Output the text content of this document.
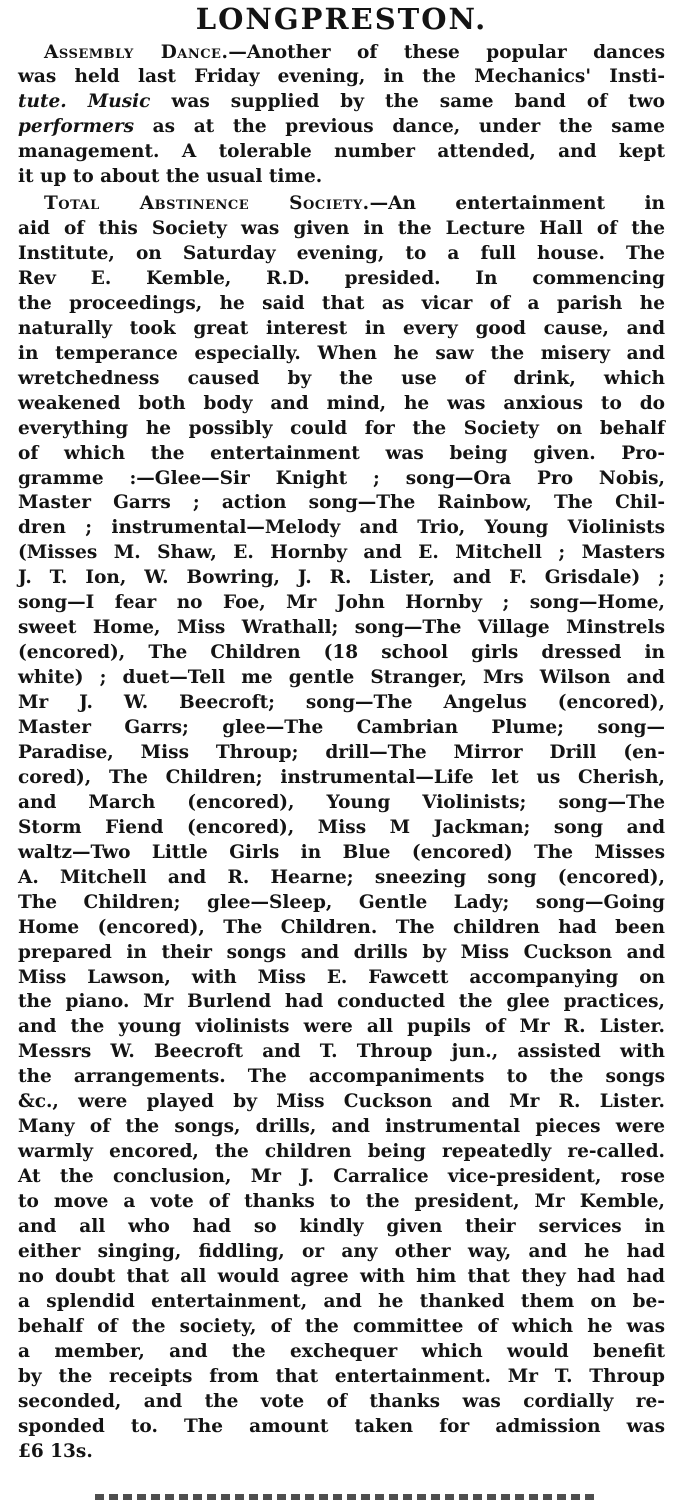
LONGPRESTON.
Assembly Dance.—Another of these popular dances
was held last Friday evening, in the Mechanics' Insti-
tute. Music was supplied by the same band of two
performers as at the previous dance, under the same
management. A tolerable number attended, and kept
it up to about the usual time.
Total Abstinence Society.—An entertainment in
aid of this Society was given in the Lecture Hall of the
Institute, on Saturday evening, to a full house. The
Rev E. Kemble, R.D. presided. In commencing
the proceedings, he said that as vicar of a parish he
naturally took great interest in every good cause, and
in temperance especially. When he saw the misery and
wretchedness caused by the use of drink, which
weakened both body and mind, he was anxious to do
everything he possibly could for the Society on behalf
of which the entertainment was being given. Pro-
gramme :—Glee—Sir Knight ; song—Ora Pro Nobis,
Master Garrs ; action song—The Rainbow, The Chil-
dren ; instrumental—Melody and Trio, Young Violinists
(Misses M. Shaw, E. Hornby and E. Mitchell ; Masters
J. T. Ion, W. Bowring, J. R. Lister, and F. Grisdale) ;
song—I fear no Foe, Mr John Hornby ; song—Home,
sweet Home, Miss Wrathall; song—The Village Minstrels
(encored), The Children (18 school girls dressed in
white) ; duet—Tell me gentle Stranger, Mrs Wilson and
Mr J. W. Beecroft; song—The Angelus (encored),
Master Garrs; glee—The Cambrian Plume; song—
Paradise, Miss Throup; drill—The Mirror Drill (en-
cored), The Children; instrumental—Life let us Cherish,
and March (encored), Young Violinists; song—The
Storm Fiend (encored), Miss M Jackman; song and
waltz—Two Little Girls in Blue (encored) The Misses
A. Mitchell and R. Hearne; sneezing song (encored),
The Children; glee—Sleep, Gentle Lady; song—Going
Home (encored), The Children. The children had been
prepared in their songs and drills by Miss Cuckson and
Miss Lawson, with Miss E. Fawcett accompanying on
the piano. Mr Burlend had conducted the glee practices,
and the young violinists were all pupils of Mr R. Lister.
Messrs W. Beecroft and T. Throup jun., assisted with
the arrangements. The accompaniments to the songs
&c., were played by Miss Cuckson and Mr R. Lister.
Many of the songs, drills, and instrumental pieces were
warmly encored, the children being repeatedly re-called.
At the conclusion, Mr J. Carralice vice-president, rose
to move a vote of thanks to the president, Mr Kemble,
and all who had so kindly given their services in
either singing, fiddling, or any other way, and he had
no doubt that all would agree with him that they had had
a splendid entertainment, and he thanked them on be-
behalf of the society, of the committee of which he was
a member, and the exchequer which would benefit
by the receipts from that entertainment. Mr T. Throup
seconded, and the vote of thanks was cordially re-
sponded to. The amount taken for admission was
£6 13s.
